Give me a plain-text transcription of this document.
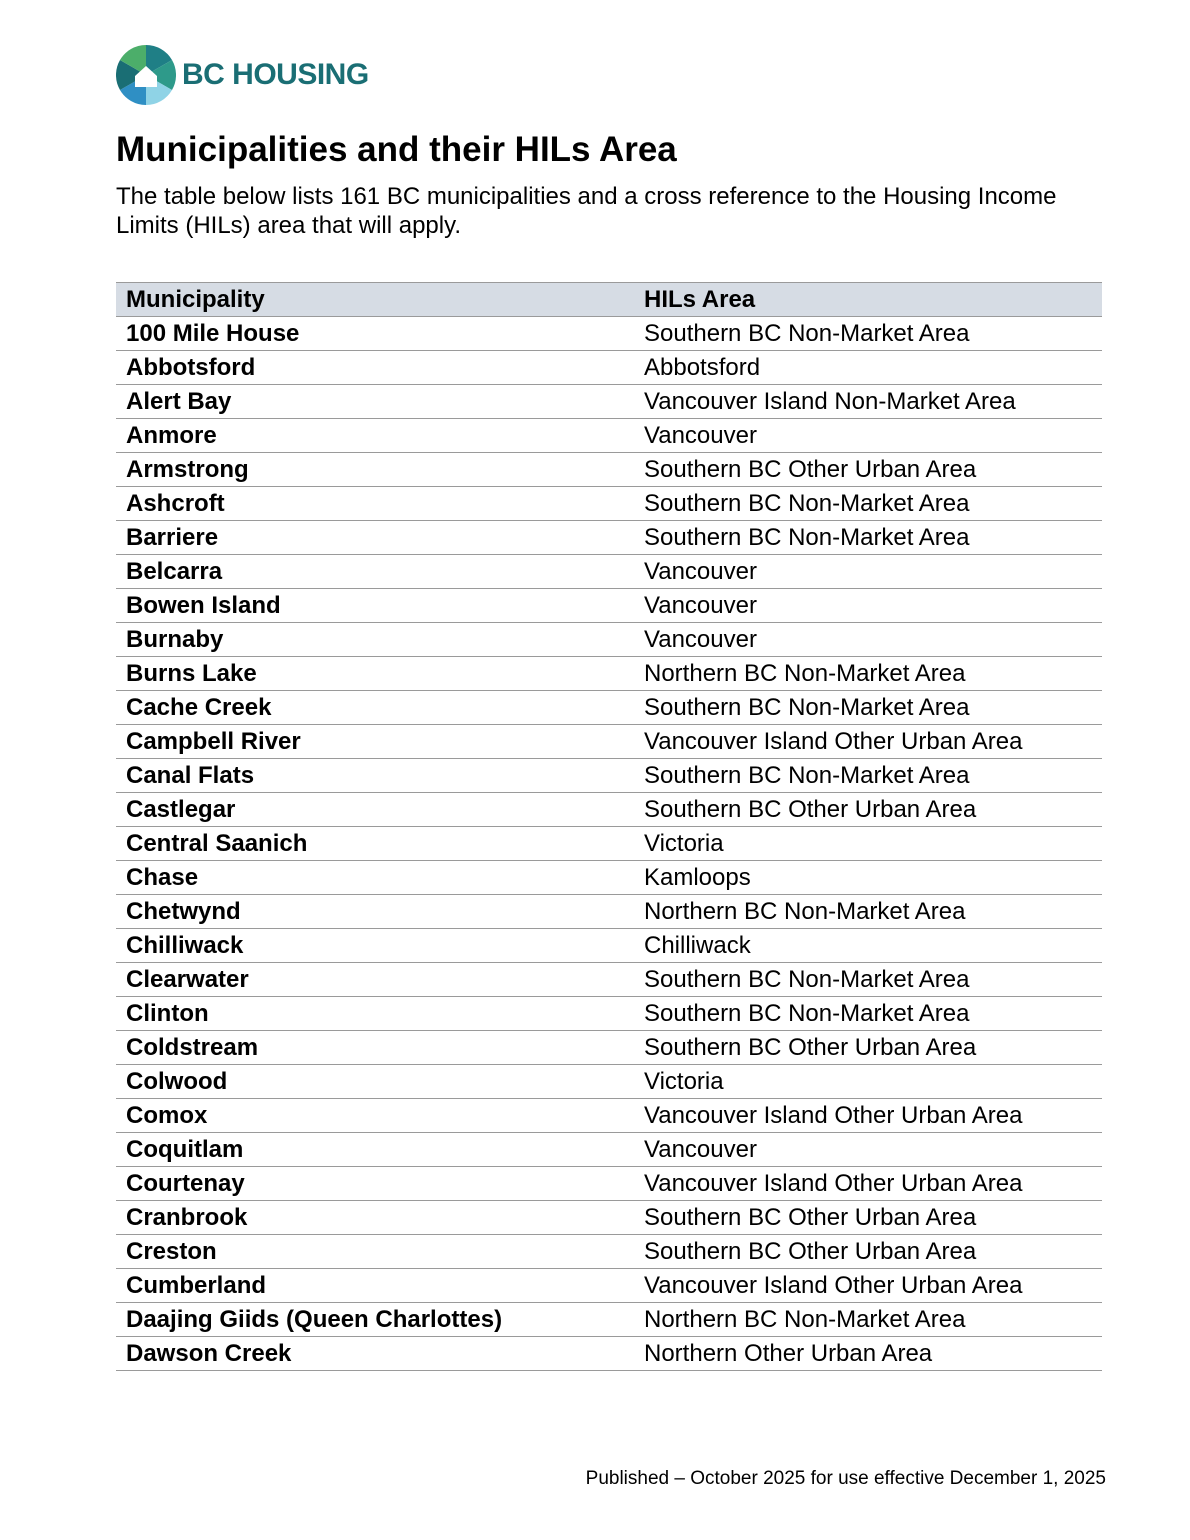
BC HOUSING
Municipalities and their HILs Area

The table below lists 161 BC municipalities and a cross reference to the Housing Income Limits (HILs) area that will apply.

Municipality	HILs Area
100 Mile House	Southern BC Non-Market Area
Abbotsford	Abbotsford
Alert Bay	Vancouver Island Non-Market Area
Anmore	Vancouver
Armstrong	Southern BC Other Urban Area
Ashcroft	Southern BC Non-Market Area
Barriere	Southern BC Non-Market Area
Belcarra	Vancouver
Bowen Island	Vancouver
Burnaby	Vancouver
Burns Lake	Northern BC Non-Market Area
Cache Creek	Southern BC Non-Market Area
Campbell River	Vancouver Island Other Urban Area
Canal Flats	Southern BC Non-Market Area
Castlegar	Southern BC Other Urban Area
Central Saanich	Victoria
Chase	Kamloops
Chetwynd	Northern BC Non-Market Area
Chilliwack	Chilliwack
Clearwater	Southern BC Non-Market Area
Clinton	Southern BC Non-Market Area
Coldstream	Southern BC Other Urban Area
Colwood	Victoria
Comox	Vancouver Island Other Urban Area
Coquitlam	Vancouver
Courtenay	Vancouver Island Other Urban Area
Cranbrook	Southern BC Other Urban Area
Creston	Southern BC Other Urban Area
Cumberland	Vancouver Island Other Urban Area
Daajing Giids (Queen Charlottes)	Northern BC Non-Market Area
Dawson Creek	Northern Other Urban Area

Published – October 2025 for use effective December 1, 2025
